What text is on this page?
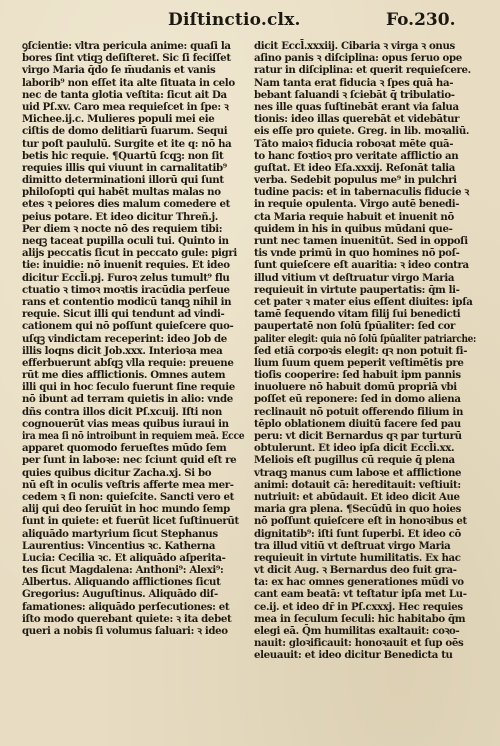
Diſtinctio.clx.	Fo.230.
ꝯſcientie: vltra pericula anime: quaſi la
bores ſint vtiqꝫ deſiſteret. Sic ſi feciſſet
virgo Maria q̄do ſe m̄udanis et vanis
laborib⁹ non eſſet ita alte ſituata in celo
nec de tanta glotia veſtita: ſicut ait Da
uid Pſ.xv. Caro mea requieſcet in ſpe: ꝛ
Michee.ij.c. Mulieres populi mei eie
ciſtis de domo delitiarū ſuarum. Sequi
tur poſt paululū. Surgite et ite q: nō ha
betis hic requie. ¶Quartū ſcqꝫ: non ſit
requies illis qui viuunt in carnalitatib⁹
dimitto determinationi illorū qui ſunt
philoſopti qui habēt multas malas no
etes ꝛ peiores dies malum comedere et
peius potare. Et ideo dicitur Threñ.j.
Per diem ꝛ nocte nō des requiem tibi:
neqꝫ taceat pupilla oculi tui. Quinto in
alijs peccatis ſicut in peccato gule: pigri
tie: inuidie: nō inuenit requies. Et ideo
dicitur Eccl̄i.pj. Furoꝛ zelus tumult⁹ flu
ctuatio ꝛ timoꝛ moꝛtis iracūdia perſeue
rans et contentio modicū tanqꝫ nihil in
requie. Sicut illi qui tendunt ad vindi-
cationem qui nō poſſunt quieſcere quo-
uſqꝫ vindictam receperint: ideo Job de
illis loqns dicit Job.xxx. Interioꝛa mea
efferbuerunt abſqꝫ vlla requie: preuene
rūt me dies afflictionis. Omnes autem
illi qui in hoc ſeculo fuerunt ſine requie
nō ibunt ad terram quietis in alio: vnde
dñs contra illos dicit Pſ.xcuij. Iſti non
cognouerūt vias meas quibus iuraui in
ira mea ſi nō introibunt in requiem meā. Ecce
apparet quomodo ferueſtes mūdo ſem
per ſunt in laboꝛe: nec ſciunt quid eſt re
quies quibus dicitur Zacha.xj. Si bo
nū eſt in oculis veſtris afferte mea mer-
cedem ꝛ ſi non: quieſcite. Sancti vero et
alij qui deo ſeruiūt in hoc mundo ſemp
ſunt in quiete: et fuerūt licet ſuſtinuerūt
aliquādo martyrium ſicut Stephanus
Laurentius: Vincentius ꝛc. Katherna
Lucia: Cecilia ꝛc. Et aliquādo aſperita-
tes ſicut Magdalena: Anthoni⁹: Alexi⁹:
Albertus. Aliquando afflictiones ſicut
Gregorius: Auguſtinus. Aliquādo diſ-
famationes: aliquādo perſecutiones: et
iſto modo querebant quiete: ꝛ ita debet
queri a nobis ſi volumus ſaluari: ꝛ ideo
dicit Eccl̄.xxxiij. Cibaria ꝛ virga ꝛ onus
aſino panis ꝛ diſciplina: opus ſeruo ope
ratur in diſciplina: et querit requieſcere.
Nam tanta erat fiducia ꝛ ſpes quā ha-
bebant ſaluandi ꝛ ſciebāt q̄ tribulatio-
nes ille quas ſuſtinebāt erant via ſalua
tionis: ideo illas querebāt et videbātur
eis eſſe pro quiete. Greg. in lib. moꝛaliū.
Tāto maioꝛ fiducia roboꝛat mēte quā-
to hanc foꝛtioꝛ pro veritate afflictio an
guſtat. Et ideo Eſa.xxxij. Reſonāt talia
verba. Sedebit populus me⁹ in pulchri
tudine pacis: et in tabernaculis fiducie ꝛ
in requie opulenta. Virgo autē benedi-
cta Maria requie habuit et inuenit nō
quidem in his in quibus mūdani que-
runt nec tamen inuenitūt. Sed in oppoſi
tis vnde primū in quo homines nō poſ-
ſunt quieſcere eſt auaritia: ꝛ ideo contra
illud vitium vt deſtruatur virgo Maria
requieuit in virtute paupertatis: q̄m li-
cet pater ꝛ mater eius eſſent diuites: ipſa
tamē ſequendo vitam filij ſui benedicti
paupertatē non ſolū ſpūaliter: ſed cor
paliter elegit: quia nō ſolū ſpūaliter patriarche:
ſed etiā corpoꝛis elegit: qꝛ non potuit fi-
lium ſuum quem peperit veſtimētis pre
tioſis cooperire: ſed habuit ipm pannis
inuoluere nō habuit domū propriā vbi
poſſet eū reponere: ſed in domo aliena
reclinauit nō potuit offerendo filium in
tēplo oblationem diuitū facere ſed pau
peru: vt dicit Bernardus qꝛ par turturū
obtulerunt. Et ideo ipſa dicit Eccl̄i.xx.
Meliois eſt pugillus cū requie q̄ plena
vtraqꝫ manus cum laboꝛe et afflictione
animi: dotauit cā: hereditauit: veſtiuit:
nutriuit: et abūdauit. Et ideo dicit Aue
maria gra plena. ¶Secūdū in quo hoies
nō poſſunt quieſcere eſt in honoꝛibus et
dignitatib⁹: iſti ſunt ſuperbi. Et ideo cō
tra illud vitiū vt deſtruat virgo Maria
requieuit in virtute humilitatis. Ex hac
vt dicit Aug. ꝛ Bernardus deo fuit gra-
ta: ex hac omnes generationes mūdi vo
cant eam beatā: vt teſtatur ipſa met Lu-
ce.ij. et ideo dr̄ in Pſ.cxxxj. Hec requies
mea in ſeculum ſeculi: hic habitabo q̄m
elegi eā. Q̄m humilitas exaltauit: coꝛo-
nauit: gloꝛificauit: honoꝛauit et ſup oēs
eleuauit: et ideo dicitur Benedicta tu
